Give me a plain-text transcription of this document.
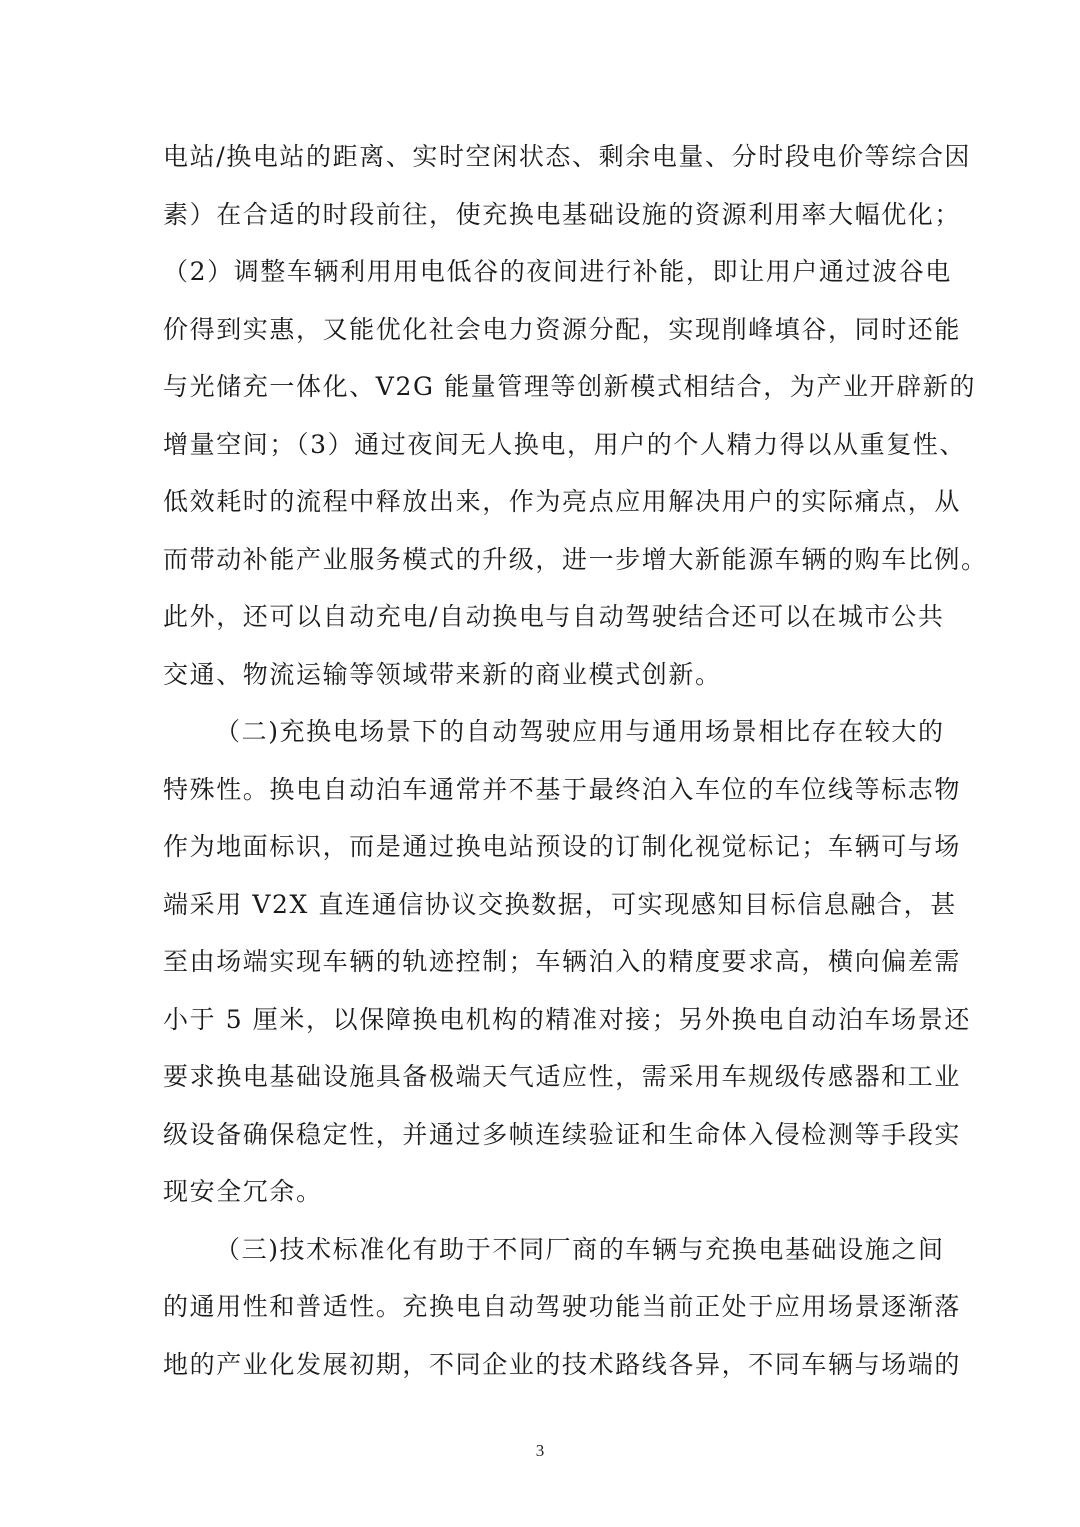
电站/换电站的距离、实时空闲状态、剩余电量、分时段电价等综合因
素）在合适的时段前往，使充换电基础设施的资源利用率大幅优化；
（2）调整车辆利用用电低谷的夜间进行补能，即让用户通过波谷电
价得到实惠，又能优化社会电力资源分配，实现削峰填谷，同时还能
与光储充一体化、V2G 能量管理等创新模式相结合，为产业开辟新的
增量空间；（3）通过夜间无人换电，用户的个人精力得以从重复性、
低效耗时的流程中释放出来，作为亮点应用解决用户的实际痛点，从
而带动补能产业服务模式的升级，进一步增大新能源车辆的购车比例。
此外，还可以自动充电/自动换电与自动驾驶结合还可以在城市公共
交通、物流运输等领域带来新的商业模式创新。
（二)充换电场景下的自动驾驶应用与通用场景相比存在较大的
特殊性。换电自动泊车通常并不基于最终泊入车位的车位线等标志物
作为地面标识，而是通过换电站预设的订制化视觉标记；车辆可与场
端采用 V2X 直连通信协议交换数据，可实现感知目标信息融合，甚
至由场端实现车辆的轨迹控制；车辆泊入的精度要求高，横向偏差需
小于 5 厘米，以保障换电机构的精准对接；另外换电自动泊车场景还
要求换电基础设施具备极端天气适应性，需采用车规级传感器和工业
级设备确保稳定性，并通过多帧连续验证和生命体入侵检测等手段实
现安全冗余。
（三)技术标准化有助于不同厂商的车辆与充换电基础设施之间
的通用性和普适性。充换电自动驾驶功能当前正处于应用场景逐渐落
地的产业化发展初期，不同企业的技术路线各异，不同车辆与场端的
3
